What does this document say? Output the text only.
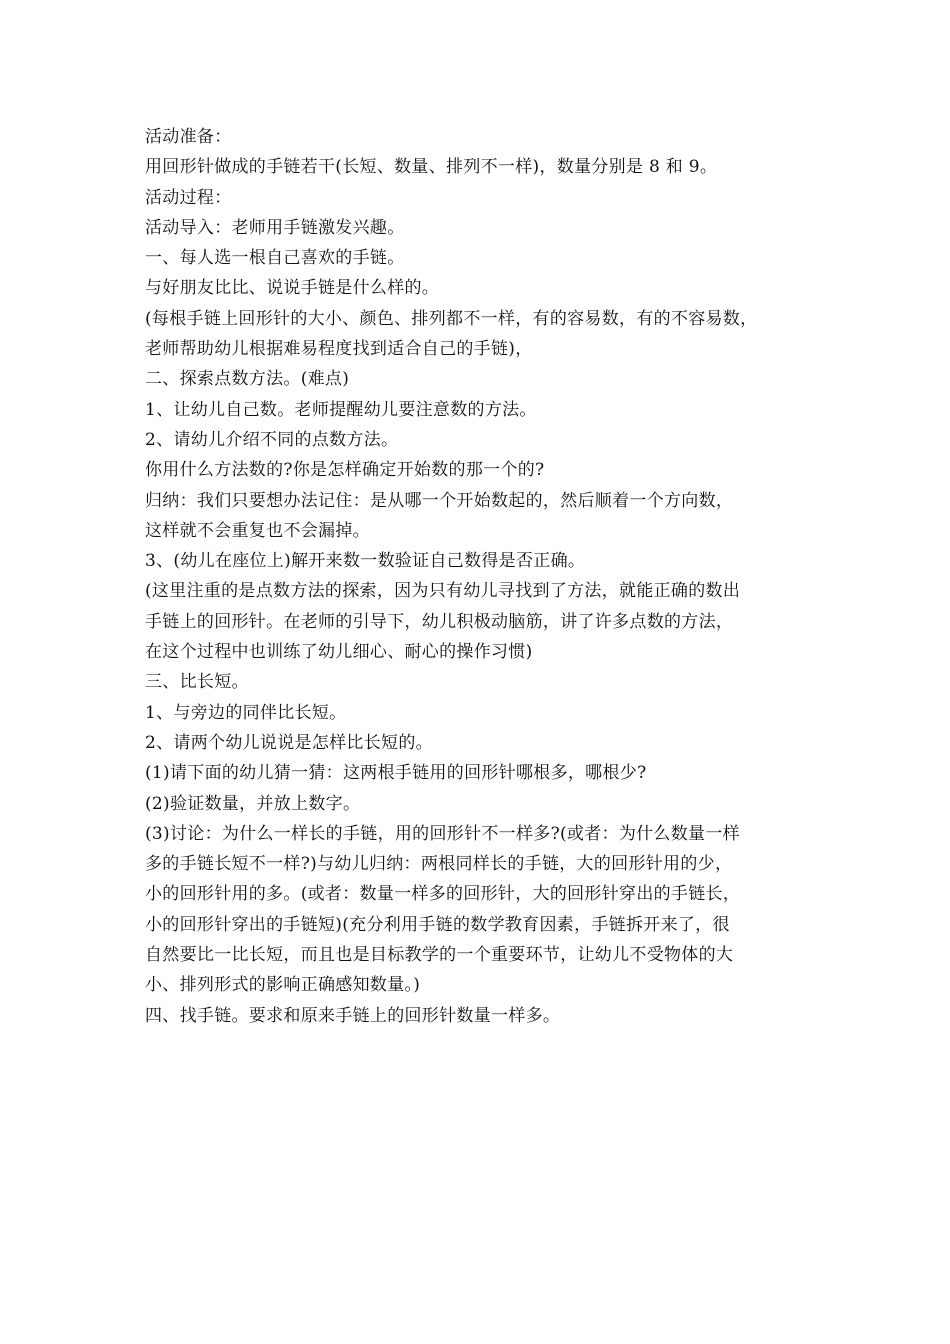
活动准备：
用回形针做成的手链若干(长短、数量、排列不一样)，数量分别是 8 和 9。
活动过程：
活动导入：老师用手链激发兴趣。
一、每人选一根自己喜欢的手链。
与好朋友比比、说说手链是什么样的。
(每根手链上回形针的大小、颜色、排列都不一样，有的容易数，有的不容易数，
老师帮助幼儿根据难易程度找到适合自己的手链)，
二、探索点数方法。(难点)
1、让幼儿自己数。老师提醒幼儿要注意数的方法。
2、请幼儿介绍不同的点数方法。
你用什么方法数的?你是怎样确定开始数的那一个的?
归纳：我们只要想办法记住：是从哪一个开始数起的，然后顺着一个方向数，
这样就不会重复也不会漏掉。
3、(幼儿在座位上)解开来数一数验证自己数得是否正确。
(这里注重的是点数方法的探索，因为只有幼儿寻找到了方法，就能正确的数出
手链上的回形针。在老师的引导下，幼儿积极动脑筋，讲了许多点数的方法，
在这个过程中也训练了幼儿细心、耐心的操作习惯)
三、比长短。
1、与旁边的同伴比长短。
2、请两个幼儿说说是怎样比长短的。
(1)请下面的幼儿猜一猜：这两根手链用的回形针哪根多，哪根少?
(2)验证数量，并放上数字。
(3)讨论：为什么一样长的手链，用的回形针不一样多?(或者：为什么数量一样
多的手链长短不一样?)与幼儿归纳：两根同样长的手链，大的回形针用的少，
小的回形针用的多。(或者：数量一样多的回形针，大的回形针穿出的手链长，
小的回形针穿出的手链短)(充分利用手链的数学教育因素，手链拆开来了，很
自然要比一比长短，而且也是目标教学的一个重要环节，让幼儿不受物体的大
小、排列形式的影响正确感知数量。)
四、找手链。要求和原来手链上的回形针数量一样多。
